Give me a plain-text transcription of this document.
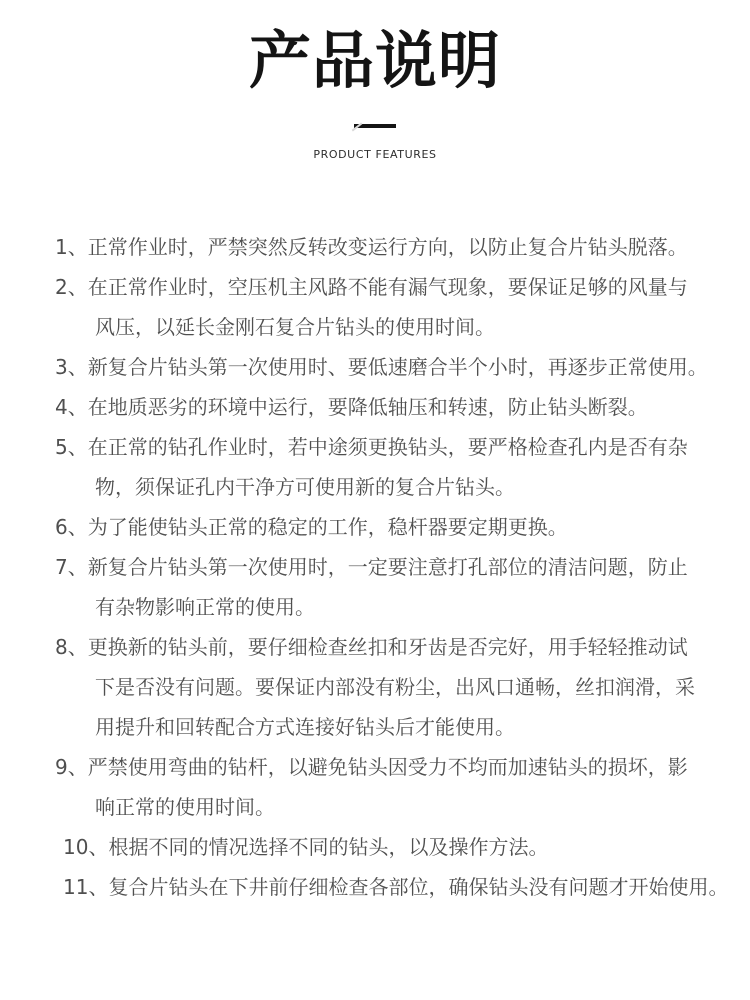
产品说明
PRODUCT FEATURES
1、正常作业时，严禁突然反转改变运行方向，以防止复合片钻头脱落。
2、在正常作业时，空压机主风路不能有漏气现象，要保证足够的风量与
风压，以延长金刚石复合片钻头的使用时间。
3、新复合片钻头第一次使用时、要低速磨合半个小时，再逐步正常使用。
4、在地质恶劣的环境中运行，要降低轴压和转速，防止钻头断裂。
5、在正常的钻孔作业时，若中途须更换钻头，要严格检查孔内是否有杂
物，须保证孔内干净方可使用新的复合片钻头。
6、为了能使钻头正常的稳定的工作，稳杆器要定期更换。
7、新复合片钻头第一次使用时，一定要注意打孔部位的清洁问题，防止
有杂物影响正常的使用。
8、更换新的钻头前，要仔细检查丝扣和牙齿是否完好，用手轻轻推动试
下是否没有问题。要保证内部没有粉尘，出风口通畅，丝扣润滑，采
用提升和回转配合方式连接好钻头后才能使用。
9、严禁使用弯曲的钻杆，以避免钻头因受力不均而加速钻头的损坏，影
响正常的使用时间。
10、根据不同的情况选择不同的钻头，以及操作方法。
11、复合片钻头在下井前仔细检查各部位，确保钻头没有问题才开始使用。
